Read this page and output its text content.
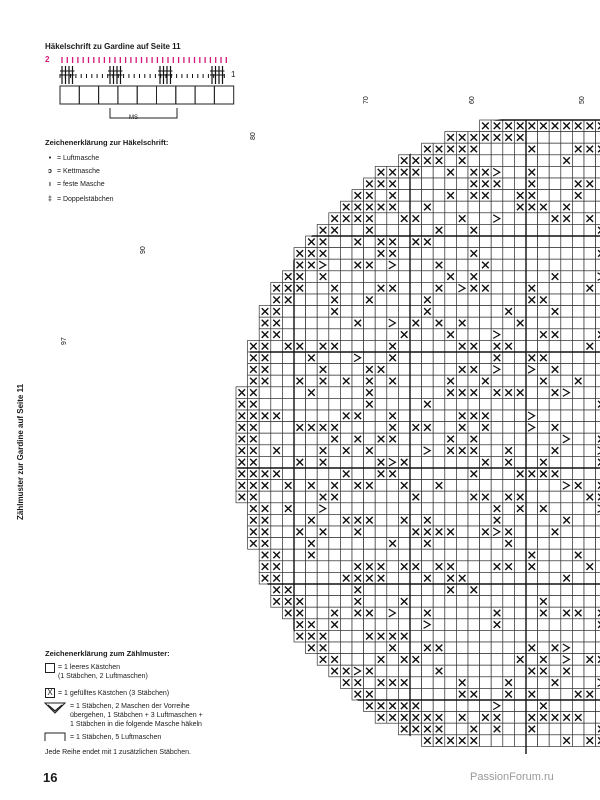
80
70	60	50
90
97
Häkelschrift zu Gardine auf Seite 11
2
1
MS
Zeichenerklärung zur Häkelschrift:
• = Luftmasche
ɔ = Kettmasche
ı = feste Masche
‡ = Doppelstäbchen
Zählmuster zur Gardine auf Seite 11
Zeichenerklärung zum Zählmuster:
= 1 leeres Kästchen
(1 Stäbchen, 2 Luftmaschen)
X = 1 gefülltes Kästchen (3 Stäbchen)
= 1 Stäbchen, 2 Maschen der Vorreihe
übergehen, 1 Stäbchen + 3 Luftmaschen +
1 Stäbchen in die folgende Masche häkeln
= 1 Stäbchen, 5 Luftmaschen
Jede Reihe endet mit 1 zusätzlichen Stäbchen.
16	PassionForum.ru
